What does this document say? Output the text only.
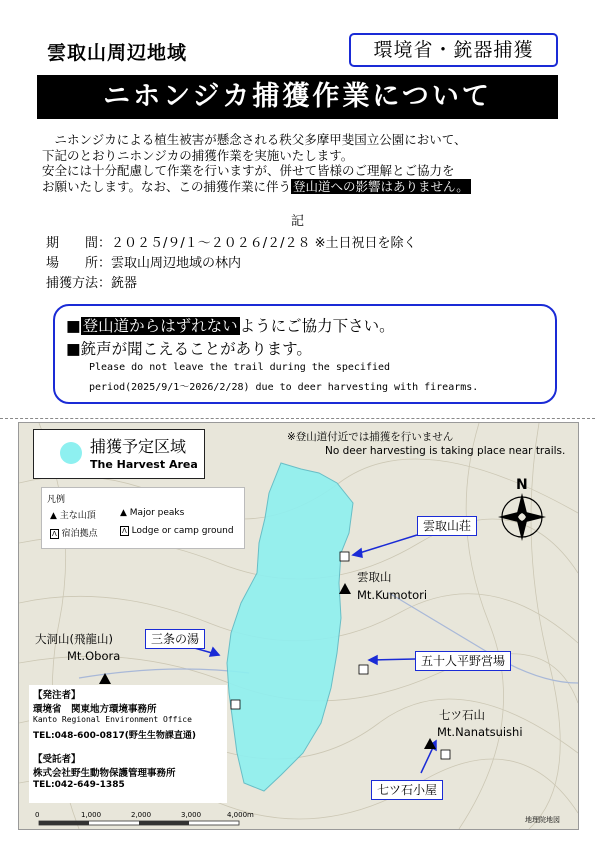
雲取山周辺地域	環境省・銃器捕獲
ニホンジカ捕獲作業について

ニホンジカによる植生被害が懸念される秩父多摩甲斐国立公園において、

下記のとおりニホンジカの捕獲作業を実施いたします。

安全には十分配慮して作業を行いますが、併せて皆様のご理解とご協力を

お願いたします。なお、この捕獲作業に伴う 登山道への影響はありません。

記
期　　間：２０２５/９/１～２０２６/２/２８ ※土日祝日を除く
場　　所：雲取山周辺地域の林内
捕獲方法：銃器
■ 登山道からはずれない ようにご協力下さい。
■銃声が聞こえることがあります。
Please do not leave the trail during the specified
period(2025/9/1～2026/2/28) due to deer harvesting with firearms.
捕獲予定区域
The Harvest Area
※登山道付近では捕獲を行いません
No deer harvesting is taking place near trails.
凡例
▲ 主な山頂
Λ 宿泊拠点
▲ Major peaks
Λ Lodge or camp ground
N
雲取山荘
三条の湯
五十人平野営場
七ツ石小屋
雲取山
Mt.Kumotori
大洞山(飛龍山)
Mt.Obora
七ツ石山
Mt.Nanatsuishi
【発注者】
環境省　関東地方環境事務所
Kanto Regional Environment Office
TEL:048-600-0817(野生生物課直通)
【受託者】
株式会社野生動物保護管理事務所
TEL:042-649-1385
0	1,000	2,000	3,000	4,000m
地理院地図
